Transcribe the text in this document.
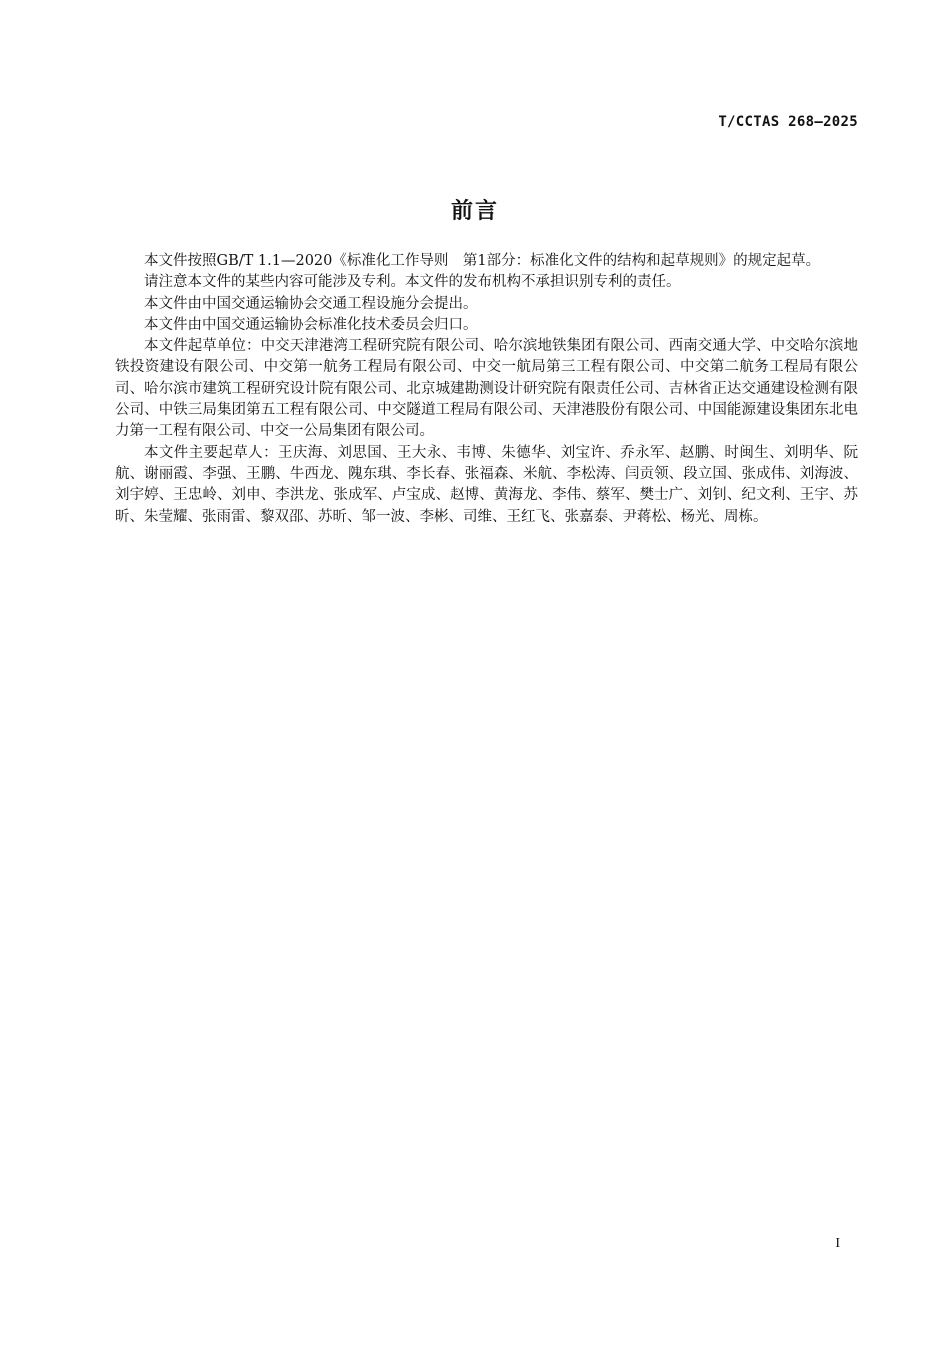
T/CCTAS 268—2025

前言

本文件按照GB/T 1.1—2020《标准化工作导则　第1部分：标准化文件的结构和起草规则》的规定起草。

请注意本文件的某些内容可能涉及专利。本文件的发布机构不承担识别专利的责任。

本文件由中国交通运输协会交通工程设施分会提出。

本文件由中国交通运输协会标准化技术委员会归口。

本文件起草单位：中交天津港湾工程研究院有限公司、哈尔滨地铁集团有限公司、西南交通大学、中交哈尔滨地铁投资建设有限公司、中交第一航务工程局有限公司、中交一航局第三工程有限公司、中交第二航务工程局有限公司、哈尔滨市建筑工程研究设计院有限公司、北京城建勘测设计研究院有限责任公司、吉林省正达交通建设检测有限公司、中铁三局集团第五工程有限公司、中交隧道工程局有限公司、天津港股份有限公司、中国能源建设集团东北电力第一工程有限公司、中交一公局集团有限公司。

本文件主要起草人：王庆海、刘思国、王大永、韦博、朱德华、刘宝许、乔永军、赵鹏、时闽生、刘明华、阮航、谢丽霞、李强、王鹏、牛西龙、隗东琪、李长春、张福森、米航、李松涛、闫贡领、段立国、张成伟、刘海波、刘宇婷、王忠岭、刘申、李洪龙、张成军、卢宝成、赵博、黄海龙、李伟、蔡军、樊士广、刘钊、纪文利、王宇、苏昕、朱莹耀、张雨雷、黎双邵、苏昕、邹一波、李彬、司维、王红飞、张嘉泰、尹蒋松、杨光、周栋。

I
